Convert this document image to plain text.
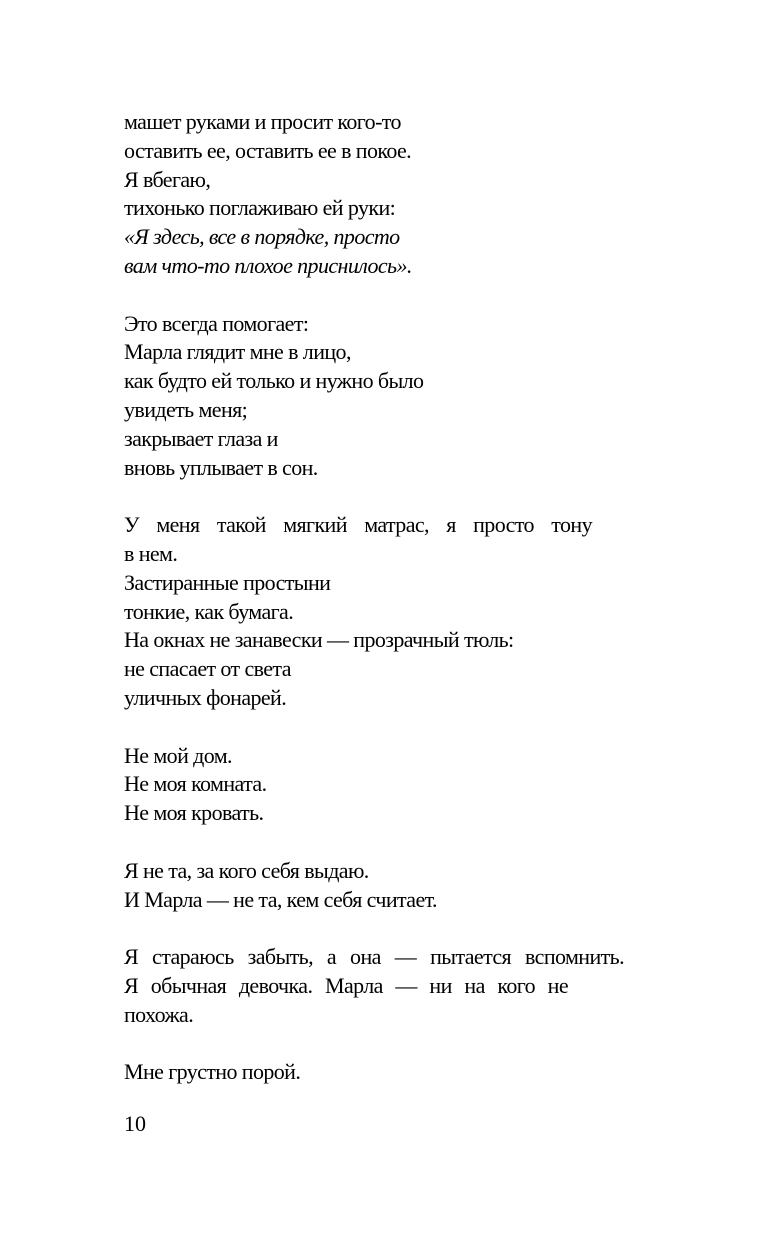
машет руками и просит кого-то
оставить ее, оставить ее в покое.
Я вбегаю,
тихонько поглаживаю ей руки:
«Я здесь, все в порядке, просто
вам что-то плохое приснилось».
Это всегда помогает:
Марла глядит мне в лицо,
как будто ей только и нужно было
увидеть меня;
закрывает глаза и
вновь уплывает в сон.
У меня такой мягкий матрас, я просто тону
в нем.
Застиранные простыни
тонкие, как бумага.
На окнах не занавески — прозрачный тюль:
не спасает от света
уличных фонарей.
Не мой дом.
Не моя комната.
Не моя кровать.
Я не та, за кого себя выдаю.
И Марла — не та, кем себя считает.
Я стараюсь забыть, а она — пытается вспомнить.
Я обычная девочка. Марла — ни на кого не
похожа.
Мне грустно порой.
10
